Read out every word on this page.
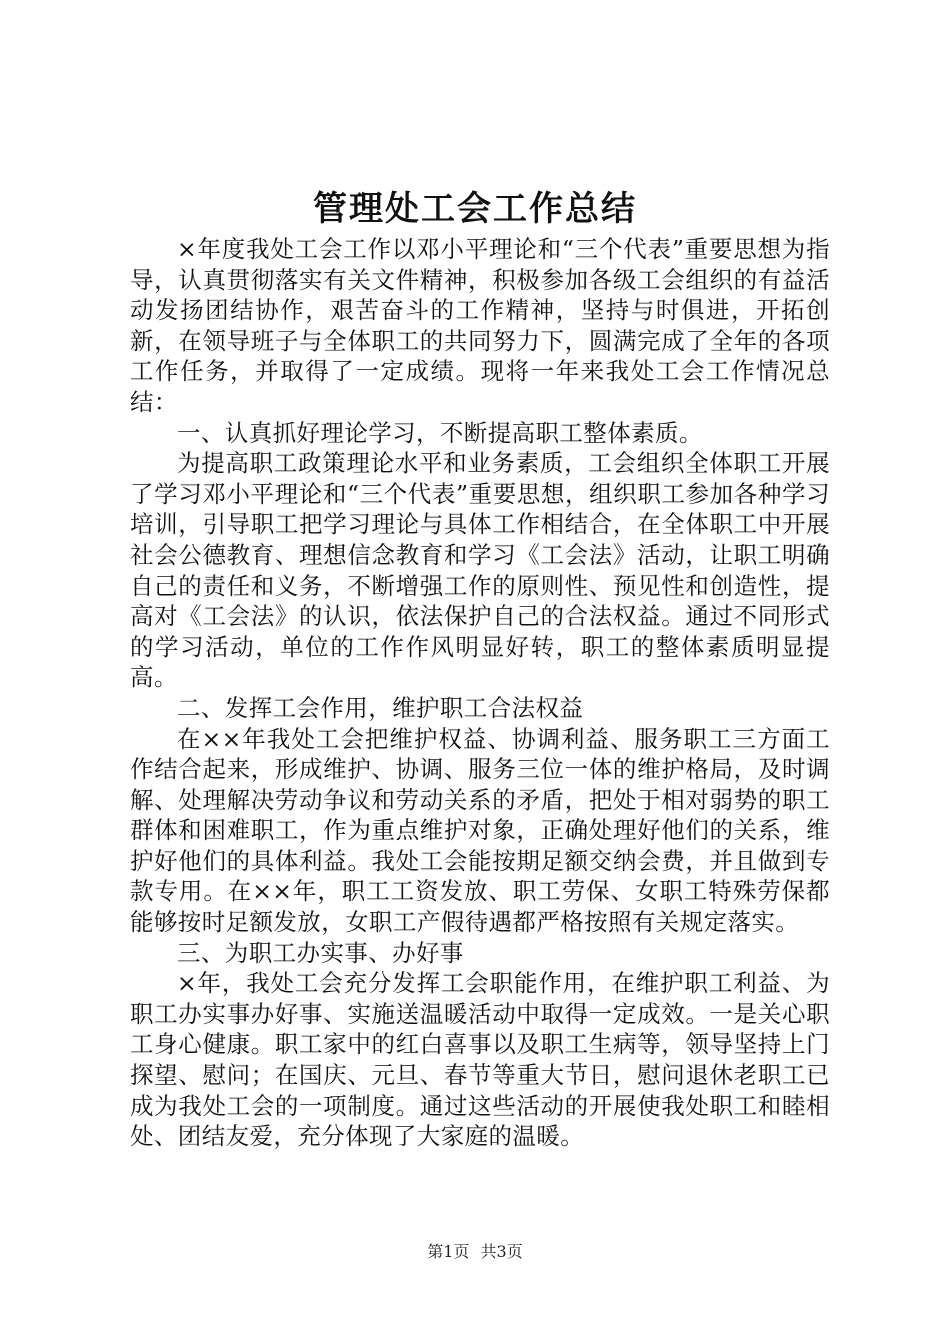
管理处工会工作总结

×年度我处工会工作以邓小平理论和“三个代表”重要思想为指导，认真贯彻落实有关文件精神，积极参加各级工会组织的有益活动发扬团结协作，艰苦奋斗的工作精神，坚持与时俱进，开拓创新，在领导班子与全体职工的共同努力下，圆满完成了全年的各项工作任务，并取得了一定成绩。现将一年来我处工会工作情况总结：

一、认真抓好理论学习，不断提高职工整体素质。

为提高职工政策理论水平和业务素质，工会组织全体职工开展了学习邓小平理论和“三个代表”重要思想，组织职工参加各种学习培训，引导职工把学习理论与具体工作相结合，在全体职工中开展社会公德教育、理想信念教育和学习《工会法》活动，让职工明确自己的责任和义务，不断增强工作的原则性、预见性和创造性，提高对《工会法》的认识，依法保护自己的合法权益。通过不同形式的学习活动，单位的工作作风明显好转，职工的整体素质明显提高。

二、发挥工会作用，维护职工合法权益

在××年我处工会把维护权益、协调利益、服务职工三方面工作结合起来，形成维护、协调、服务三位一体的维护格局，及时调解、处理解决劳动争议和劳动关系的矛盾，把处于相对弱势的职工群体和困难职工，作为重点维护对象，正确处理好他们的关系，维护好他们的具体利益。我处工会能按期足额交纳会费，并且做到专款专用。在××年，职工工资发放、职工劳保、女职工特殊劳保都能够按时足额发放，女职工产假待遇都严格按照有关规定落实。

三、为职工办实事、办好事

×年，我处工会充分发挥工会职能作用，在维护职工利益、为职工办实事办好事、实施送温暖活动中取得一定成效。一是关心职工身心健康。职工家中的红白喜事以及职工生病等，领导坚持上门探望、慰问；在国庆、元旦、春节等重大节日，慰问退休老职工已成为我处工会的一项制度。通过这些活动的开展使我处职工和睦相处、团结友爱，充分体现了大家庭的温暖。

第1页 共3页
